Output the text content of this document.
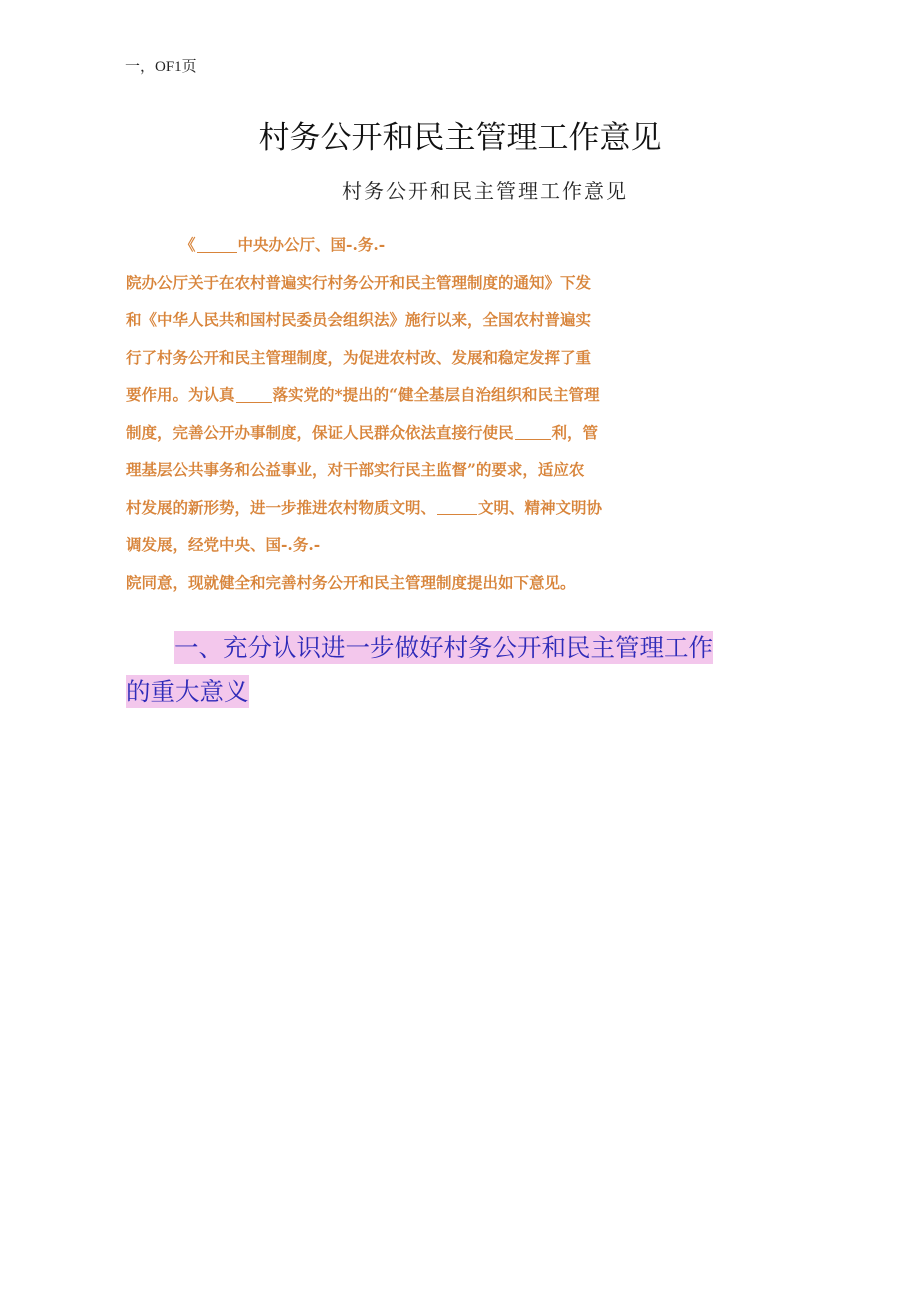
一，OF1页
村务公开和民主管理工作意见
村务公开和民主管理工作意见
《	中央办公厅、国-.务.-
院办公厅关于在农村普遍实行村务公开和民主管理制度的通知》下发
和《中华人民共和国村民委员会组织法》施行以来，全国农村普遍实
行了村务公开和民主管理制度，为促进农村改、发展和稳定发挥了重
要作用。为认真 落实党的*提出的“健全基层自治组织和民主管理
制度，完善公开办事制度，保证人民群众依法直接行使民 利，管
理基层公共事务和公益事业，对干部实行民主监督”的要求，适应农
村发展的新形势，进一步推进农村物质文明、	文明、精神文明协
调发展，经党中央、国-.务.-
院同意，现就健全和完善村务公开和民主管理制度提出如下意见。
一、充分认识进一步做好村务公开和民主管理工作
的重大意义
